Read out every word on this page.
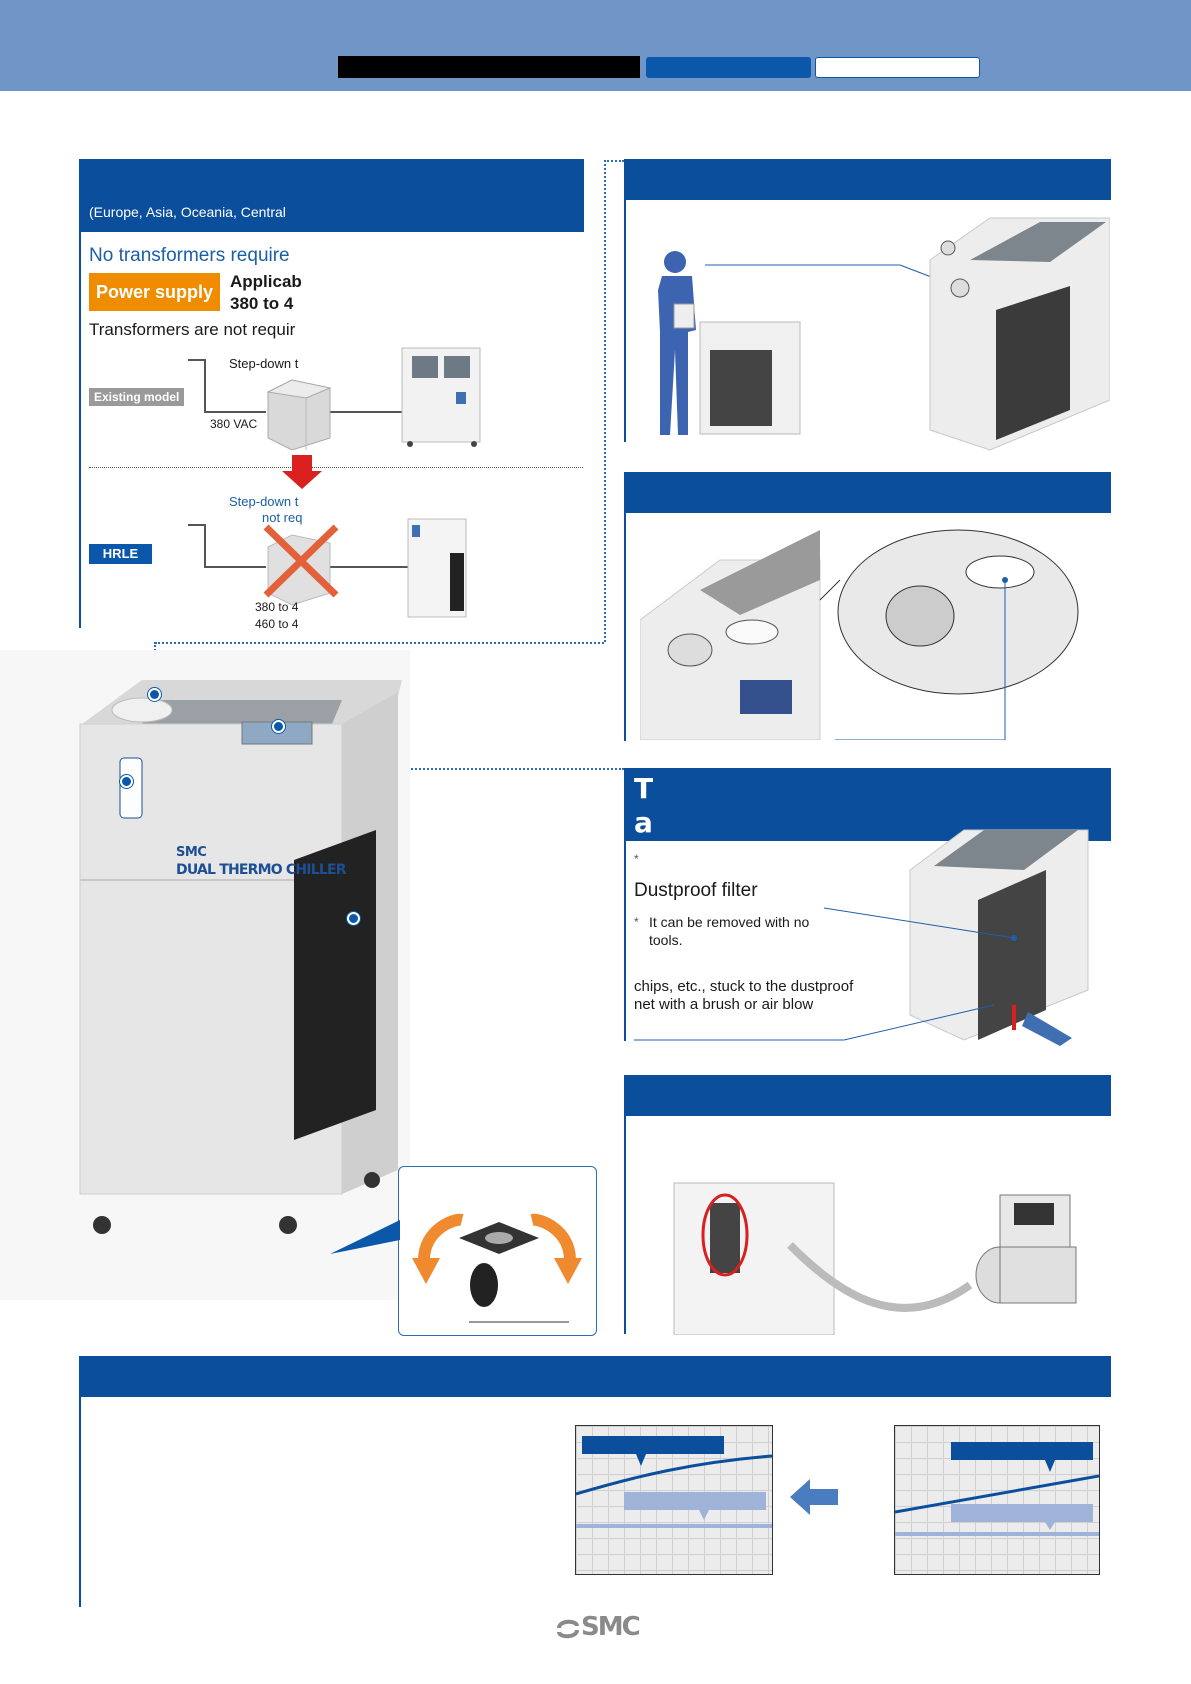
(Europe, Asia, Oceania, Central
No transformers require
Power supply
Applicab
380 to 4
Transformers are not requir
Step-down t
Existing model
380 VAC
Step-down t
not req
HRLE
380 to 4
460 to 4
SMC
DUAL THERMO CHILLER
T
a
*
Dustproof filter
* It can be removed with no tools.
chips, etc., stuck to the dustproof net with a brush or air blow
SMC
